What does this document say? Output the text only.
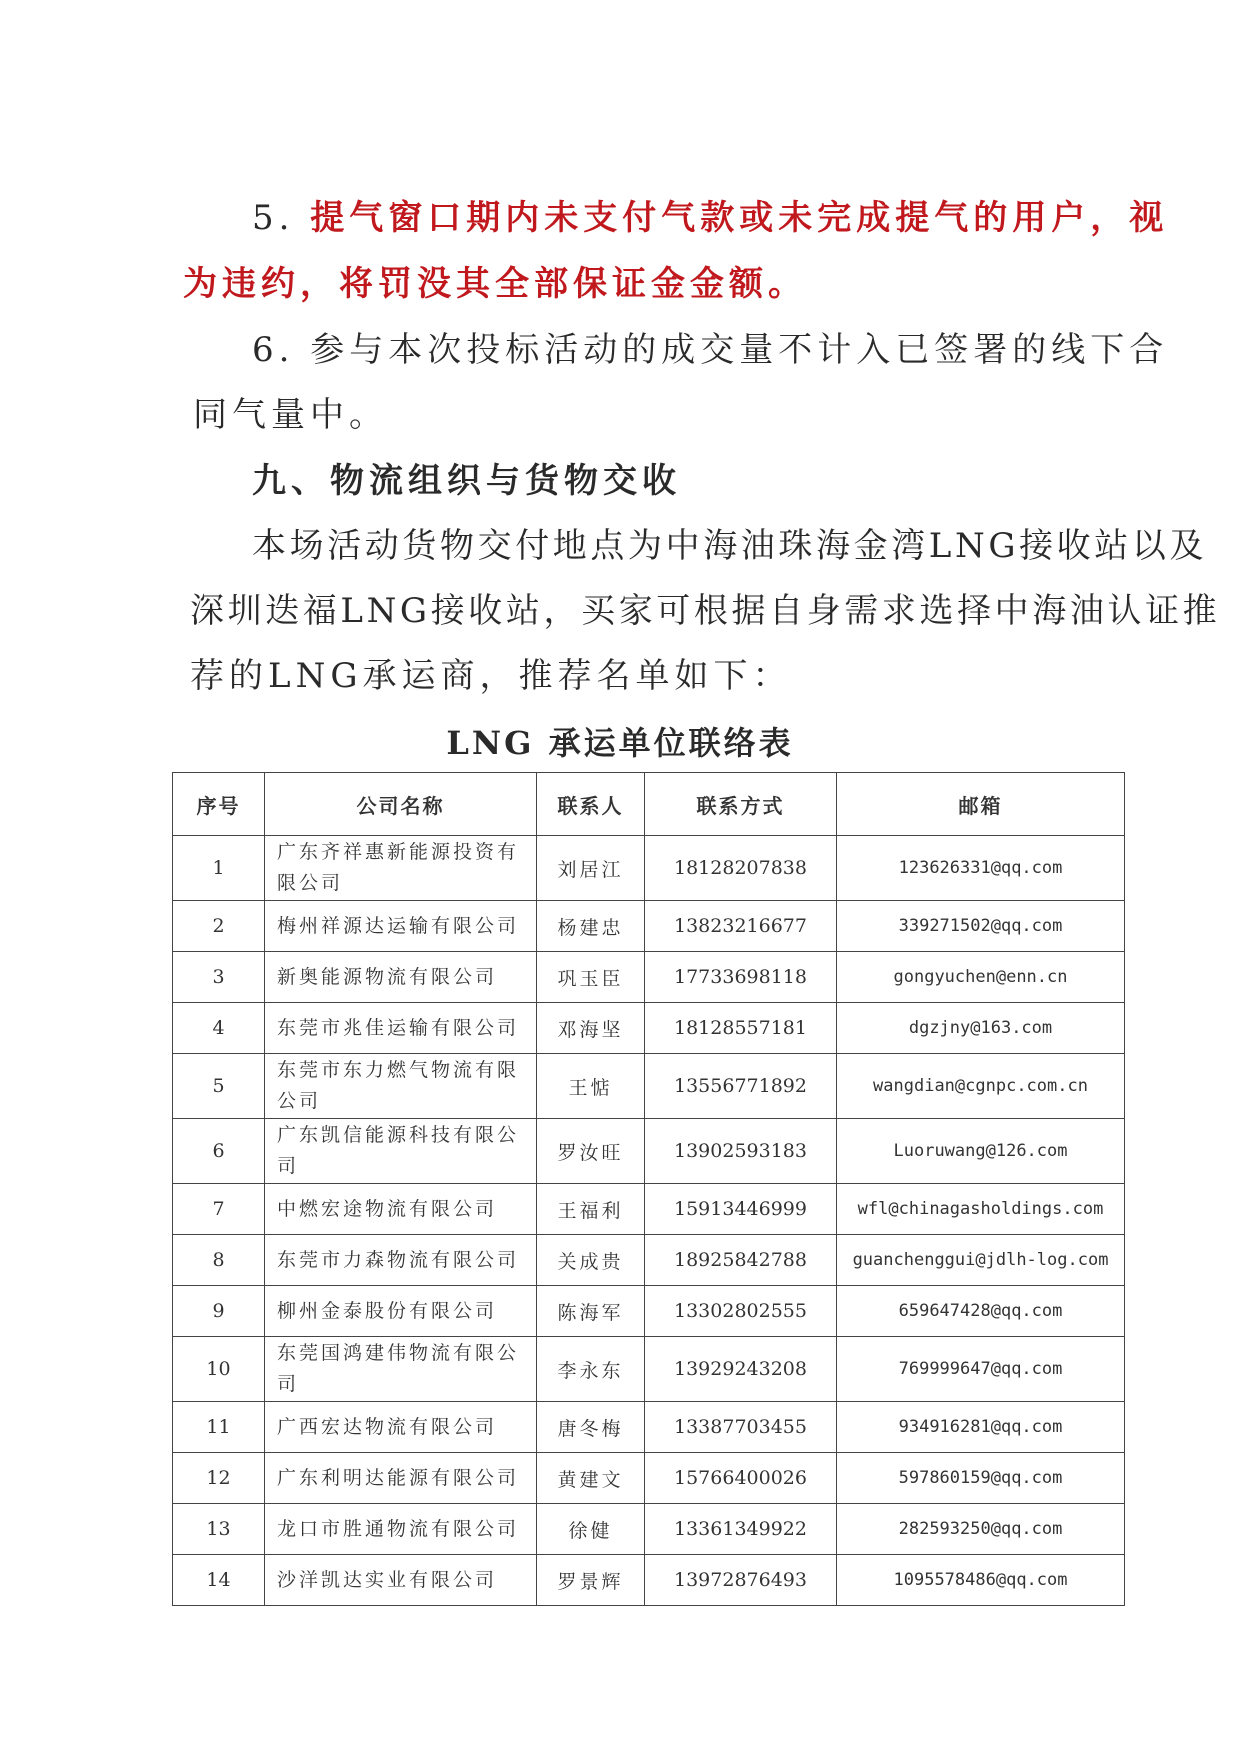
5. 提气窗口期内未支付气款或未完成提气的用户，视
为违约，将罚没其全部保证金金额。
6. 参与本次投标活动的成交量不计入已签署的线下合
同气量中。
九、物流组织与货物交收
本场活动货物交付地点为中海油珠海金湾LNG接收站以及
深圳迭福LNG接收站，买家可根据自身需求选择中海油认证推
荐的LNG承运商，推荐名单如下：
LNG 承运单位联络表
序号	公司名称	联系人	联系方式	邮箱
1	广东齐祥惠新能源投资有限公司	刘居江	18128207838	123626331@qq.com
2	梅州祥源达运输有限公司	杨建忠	13823216677	339271502@qq.com
3	新奥能源物流有限公司	巩玉臣	17733698118	gongyuchen@enn.cn
4	东莞市兆佳运输有限公司	邓海坚	18128557181	dgzjny@163.com
5	东莞市东力燃气物流有限公司	王惦	13556771892	wangdian@cgnpc.com.cn
6	广东凯信能源科技有限公司	罗汝旺	13902593183	Luoruwang@126.com
7	中燃宏途物流有限公司	王福利	15913446999	wfl@chinagasholdings.com
8	东莞市力森物流有限公司	关成贵	18925842788	guanchenggui@jdlh-log.com
9	柳州金泰股份有限公司	陈海军	13302802555	659647428@qq.com
10	东莞国鸿建伟物流有限公司	李永东	13929243208	769999647@qq.com
11	广西宏达物流有限公司	唐冬梅	13387703455	934916281@qq.com
12	广东利明达能源有限公司	黄建文	15766400026	597860159@qq.com
13	龙口市胜通物流有限公司	徐健	13361349922	282593250@qq.com
14	沙洋凯达实业有限公司	罗景辉	13972876493	1095578486@qq.com
